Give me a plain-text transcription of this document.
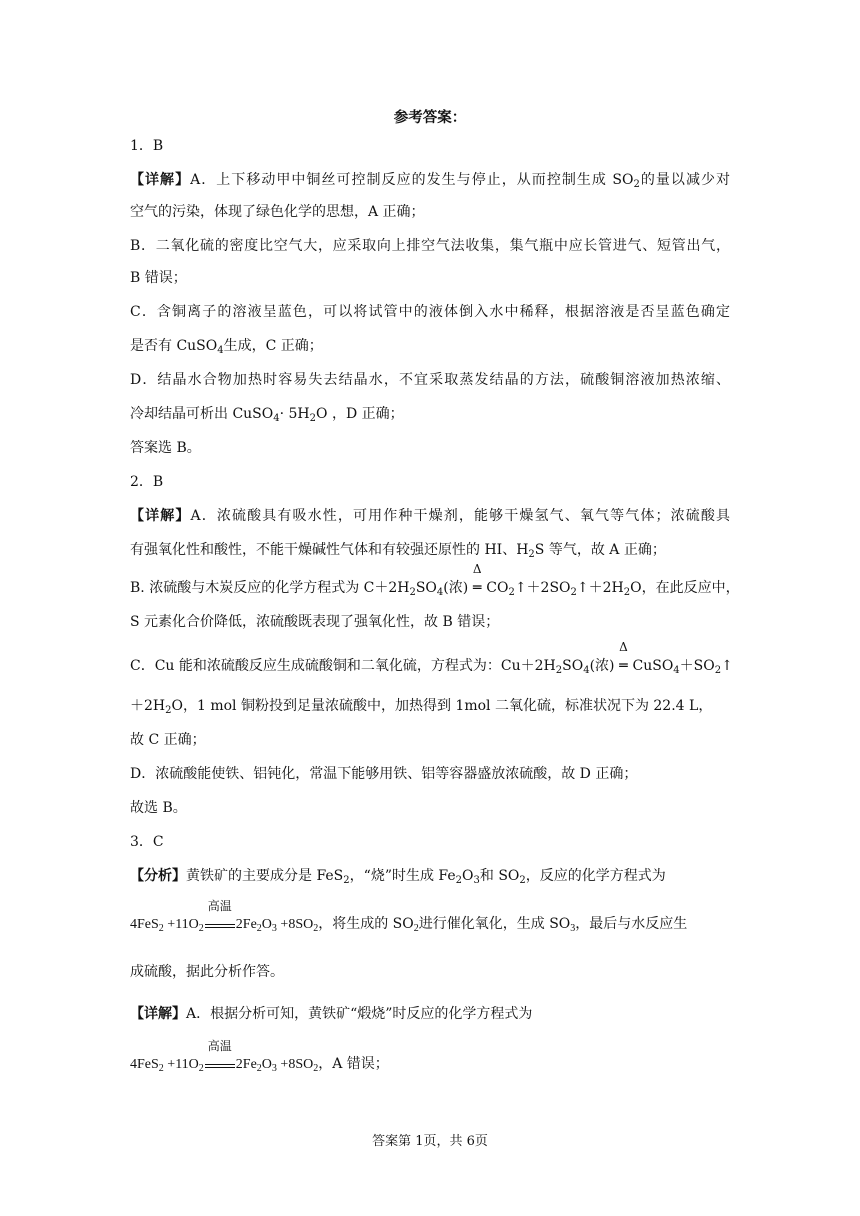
参考答案：
1．B
【详解】A．上下移动甲中铜丝可控制反应的发生与停止，从而控制生成 $SO_2$的量以减少对
空气的污染，体现了绿色化学的思想，A 正确；
B．二氧化硫的密度比空气大，应采取向上排空气法收集，集气瓶中应长管进气、短管出气，
B 错误；
C．含铜离子的溶液呈蓝色，可以将试管中的液体倒入水中稀释，根据溶液是否呈蓝色确定
是否有 CuSO$_4$生成，C 正确；
D．结晶水合物加热时容易失去结晶水，不宜采取蒸发结晶的方法，硫酸铜溶液加热浓缩、
冷却结晶可析出 CuSO$_4$· $5H_2O$ ，D 正确；
答案选 B。
2．B
【详解】A．浓硫酸具有吸水性，可用作种干燥剂，能够干燥氢气、氧气等气体；浓硫酸具
有强氧化性和酸性，不能干燥碱性气体和有较强还原性的 HI、$H_2S$ 等气，故 A 正确；
B. 浓硫酸与木炭反应的化学方程式为 $C+2H_2SO_4$(浓)
Δ
═ $CO_2↑+2SO_2↑+2H_2O$，在此反应中，
S 元素化合价降低，浓硫酸既表现了强氧化性，故 B 错误；
C．Cu 能和浓硫酸反应生成硫酸铜和二氧化硫，方程式为：$Cu+2H_2SO_4$(浓)
Δ
═ $CuSO_4+SO_2↑$
$+2H_2O$，1 mol 铜粉投到足量浓硫酸中，加热得到 1mol 二氧化硫，标准状况下为 22.4 L，
故 C 正确；
D．浓硫酸能使铁、铝钝化，常温下能够用铁、铝等容器盛放浓硫酸，故 D 正确；
故选 B。
3．C
【分析】黄铁矿的主要成分是 FeS$_2$，“烧”时生成 $Fe_2O_3$和 $SO_2$，反应的化学方程式为
$4FeS_2 +11O_2$
高温
$2Fe_2O_3 +8SO_2$，将生成的 $SO_2$进行催化氧化，生成 $SO_3$，最后与水反应生
成硫酸，据此分析作答。
【详解】A．根据分析可知，黄铁矿“煅烧”时反应的化学方程式为
$4FeS_2 +11O_2$
高温
$2Fe_2O_3 +8SO_2$，A 错误；
答案第 1页，共 6页
